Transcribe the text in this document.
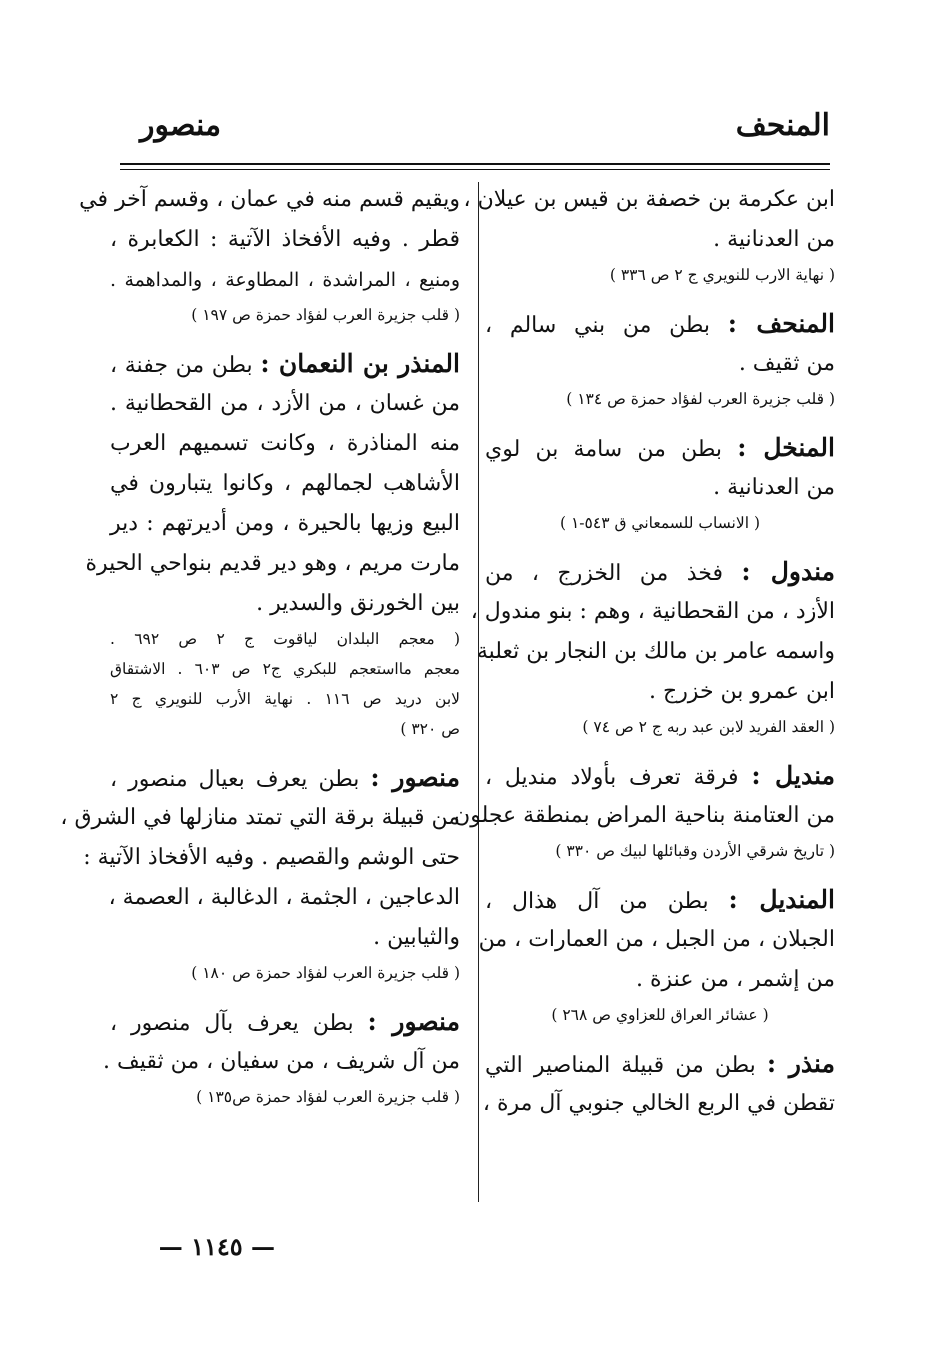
المنحف
منصور
ابن عكرمة بن خصفة بن قيس بن عيلان ،
من العدنانية .
( نهاية الارب للنويري ج ٢ ص ٣٣٦ )
المنحف : بطن من بني سالم ،
من ثقيف .
( قلب جزيرة العرب لفؤاد حمزة ص ١٣٤ )
المنخل : بطن من سامة بن لوي
من العدنانية .
( الانساب للسمعاني ق ٥٤٣-١ )
مندول : فخذ من الخزرج ، من
الأزد ، من القحطانية ، وهم : بنو مندول ،
واسمه عامر بن مالك بن النجار بن ثعلبة
ابن عمرو بن خزرج .
( العقد الفريد لابن عبد ربه ج ٢ ص ٧٤ )
منديل : فرقة تعرف بأولاد منديل ،
من العتامنة بناحية المراض بمنطقة عجلون
( تاريخ شرقي الأردن وقبائلها لبيك ص ٣٣٠ )
المنديل : بطن من آل هذال ،
الجبلان ، من الجبل ، من العمارات ، من
من إشمر ، من عنزة .
( عشائر العراق للعزاوي ص ٢٦٨ )
منذر : بطن من قبيلة المناصير التي
تقطن في الربع الخالي جنوبي آل مرة ،
ويقيم قسم منه في عمان ، وقسم آخر في
قطر . وفيه الأفخاذ الآتية : الكعابرة ،
ومنيع ، المراشدة ، المطاوعة ، والمداهمة .
( قلب جزيرة العرب لفؤاد حمزة ص ١٩٧ )
المنذر بن النعمان : بطن من جفنة ،
من غسان ، من الأزد ، من القحطانية .
منه المناذرة ، وكانت تسميهم العرب
الأشاهب لجمالهم ، وكانوا يتبارون في
البيع وزيها بالحيرة ، ومن أديرتهم : دير
مارت مريم ، وهو دير قديم بنواحي الحيرة
بين الخورنق والسدير .
( معجم البلدان لياقوت ج ٢ ص ٦٩٢ .
معجم مااستعجم للبكري ج٢ ص ٦٠٣ . الاشتقاق
لابن دريد ص ١١٦ . نهاية الأرب للنويري ج ٢
ص ٣٢٠ )
منصور : بطن يعرف بعيال منصور ،
من قبيلة برقة التي تمتد منازلها في الشرق ،
حتى الوشم والقصيم . وفيه الأفخاذ الآتية :
الدعاجين ، الجثمة ، الدغالبة ، العصمة ،
والثيابين .
( قلب جزيرة العرب لفؤاد حمزة ص ١٨٠ )
منصور : بطن يعرف بآل منصور ،
من آل شريف ، من سفيان ، من ثقيف .
( قلب جزيرة العرب لفؤاد حمزة ص١٣٥ )
— ١١٤٥ —
